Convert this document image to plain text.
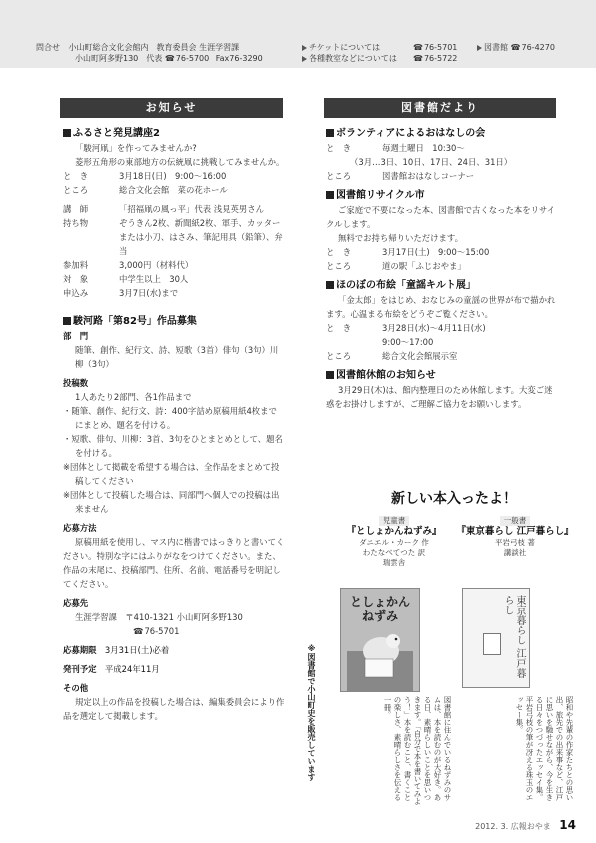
問合せ 小山町総合文化会館内　教育委員会 生涯学習課
小山町阿多野130　代表 ☎76-5700 Fax76-3290
チケットについては	☎76-5701	図書館 ☎76-4270
各種教室などについては ☎76-5722
お知らせ	図書館だより

ふるさと発見講座2

「駿河凧」を作ってみませんか?

菱形五角形の東部地方の伝統凧に挑戦してみませんか。

と　き	3月18日(日)　9:00～16:00

ところ	総合文化会館　菜の花ホール

講　師	「招福凧の風っ平」代表 浅見英男さん

持ち物	ぞうきん2枚、新聞紙2枚、軍手、カッターまたは小刀、はさみ、筆記用具（鉛筆）、弁当

参加料	3,000円（材料代）

対　象	中学生以上　30人

申込み	3月7日(水)まで

駿河路「第82号」作品募集

部　門

随筆、創作、紀行文、詩、短歌（3首）俳句（3句）川柳（3句）

投稿数

1人あたり2部門、各1作品まで

・随筆、創作、紀行文、詩：400字詰め原稿用紙4枚までにまとめ、題名を付ける。

・短歌、俳句、川柳：3首、3句をひとまとめとして、題名を付ける。

※団体として掲載を希望する場合は、全作品をまとめて投稿してください

※団体として投稿した場合は、同部門へ個人での投稿は出来ません

応募方法

原稿用紙を使用し、マス内に楷書ではっきりと書いてください。特別な字にはふりがなをつけてください。また、作品の末尾に、投稿部門、住所、名前、電話番号を明記してください。

応募先

生涯学習課　〒410-1321 小山町阿多野130

☎76-5701

応募期限　 3月31日(土)必着

発刊予定　 平成24年11月

その他

規定以上の作品を投稿した場合は、編集委員会により作品を選定して掲載します。

ボランティアによるおはなしの会

と　き	毎週土曜日　10:30～

（3月…3日、10日、17日、24日、31日）

ところ	図書館おはなしコーナー

図書館リサイクル市

ご家庭で不要になった本、図書館で古くなった本をリサイクルします。

無料でお持ち帰りいただけます。

と　き	3月17日(土)　9:00～15:00

ところ	道の駅「ふじおやま」

ほのぼの布絵「童謡キルト展」

「金太郎」をはじめ、おなじみの童謡の世界が布で描かれます。心温まる布絵をどうぞご覧ください。

と　き	3月28日(水)～4月11日(水)

9:00～17:00

ところ	総合文化会館展示室

図書館休館のお知らせ

3月29日(木)は、館内整理日のため休館します。大変ご迷惑をお掛けしますが、ご理解ご協力をお願いします。

新しい本入ったよ！
児童書
『としょかんねずみ』
ダニエル・カーク 作
わたなべてつた 訳
瑞雲舎
一般書
『東京暮らし 江戸暮らし』
平岩弓枝 著
講談社
としょかん ねずみ	東京暮らし 江戸暮らし
図書館に住んでいるねずみのサムは、本を読むのが大好き。ある日、素晴らしいことを思いつきます。「自分で本を書いてみよう！」本を読むこと、書くことの楽しさ、素晴らしさを伝える一冊。	昭和や先輩の作家たちとの思い出、旅先での出来事など、江戸に思いを馳せながら、今を生きる日々をつづったエッセイ集。平岩弓枝の筆が冴える珠玉のエッセー集。
※図書館で小山町史を販売しています
2012. 3. 広報おやま 14
